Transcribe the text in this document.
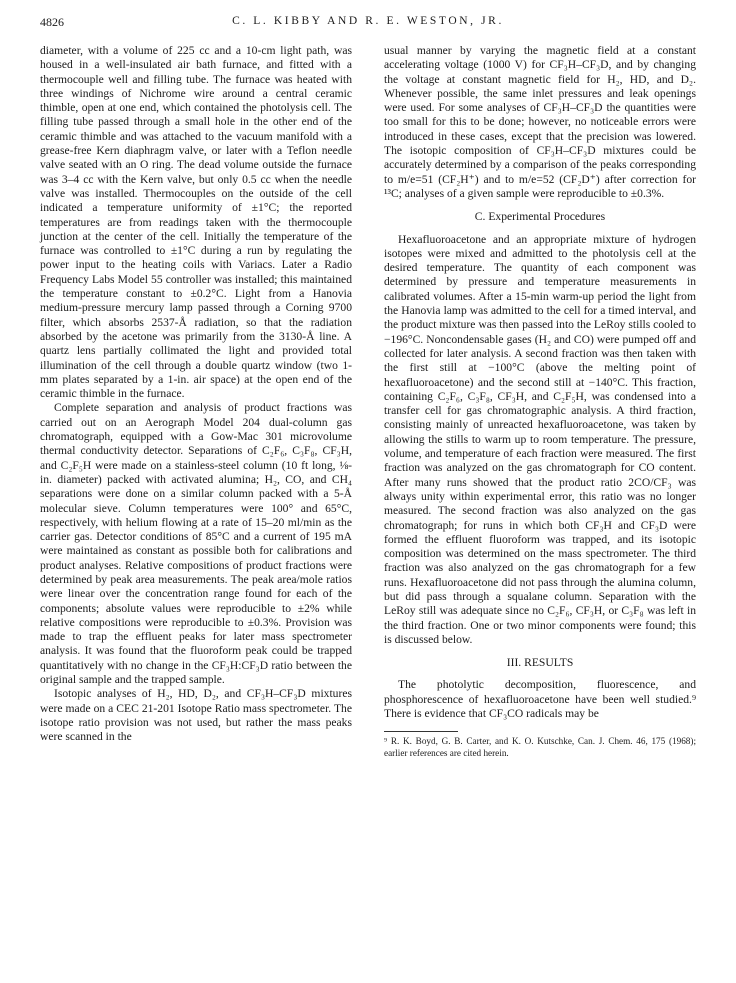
4826	C. L. KIBBY AND R. E. WESTON, JR.

diameter, with a volume of 225 cc and a 10-cm light path, was housed in a well-insulated air bath furnace, and fitted with a thermocouple well and filling tube. The furnace was heated with three windings of Nichrome wire around a central ceramic thimble, open at one end, which contained the photolysis cell. The filling tube passed through a small hole in the other end of the ceramic thimble and was attached to the vacuum manifold with a grease-free Kern diaphragm valve, or later with a Teflon needle valve seated with an O ring. The dead volume outside the furnace was 3–4 cc with the Kern valve, but only 0.5 cc when the needle valve was installed. Thermocouples on the outside of the cell indicated a temperature uniformity of ±1°C; the reported temperatures are from readings taken with the thermocouple junction at the center of the cell. Initially the temperature of the furnace was controlled to ±1°C during a run by regulating the power input to the heating coils with Variacs. Later a Radio Frequency Labs Model 55 controller was installed; this maintained the temperature constant to ±0.2°C. Light from a Hanovia medium-pressure mercury lamp passed through a Corning 9700 filter, which absorbs 2537-Å radiation, so that the radiation absorbed by the acetone was primarily from the 3130-Å line. A quartz lens partially collimated the light and provided total illumination of the cell through a double quartz window (two 1-mm plates separated by a 1-in. air space) at the open end of the ceramic thimble in the furnace.

Complete separation and analysis of product fractions was carried out on an Aerograph Model 204 dual-column gas chromatograph, equipped with a Gow-Mac 301 microvolume thermal conductivity detector. Separations of C₂F₆, C₃F₈, CF₃H, and C₂F₅H were made on a stainless-steel column (10 ft long, ⅛-in. diameter) packed with activated alumina; H₂, CO, and CH₄ separations were done on a similar column packed with a 5-Å molecular sieve. Column temperatures were 100° and 65°C, respectively, with helium flowing at a rate of 15–20 ml/min as the carrier gas. Detector conditions of 85°C and a current of 195 mA were maintained as constant as possible both for calibrations and product analyses. Relative compositions of product fractions were determined by peak area measurements. The peak area/mole ratios were linear over the concentration range found for each of the components; absolute values were reproducible to ±2% while relative compositions were reproducible to ±0.3%. Provision was made to trap the effluent peaks for later mass spectrometer analysis. It was found that the fluoroform peak could be trapped quantitatively with no change in the CF₃H:CF₃D ratio between the original sample and the trapped sample.

Isotopic analyses of H₂, HD, D₂, and CF₃H–CF₃D mixtures were made on a CEC 21-201 Isotope Ratio mass spectrometer. The isotope ratio provision was not used, but rather the mass peaks were scanned in the

usual manner by varying the magnetic field at a constant accelerating voltage (1000 V) for CF₃H–CF₃D, and by changing the voltage at constant magnetic field for H₂, HD, and D₂. Whenever possible, the same inlet pressures and leak openings were used. For some analyses of CF₃H–CF₃D the quantities were too small for this to be done; however, no noticeable errors were introduced in these cases, except that the precision was lowered. The isotopic composition of CF₃H–CF₃D mixtures could be accurately determined by a comparison of the peaks corresponding to m/e=51 (CF₂H⁺) and to m/e=52 (CF₂D⁺) after correction for ¹³C; analyses of a given sample were reproducible to ±0.3%.

C. Experimental Procedures

Hexafluoroacetone and an appropriate mixture of hydrogen isotopes were mixed and admitted to the photolysis cell at the desired temperature. The quantity of each component was determined by pressure and temperature measurements in calibrated volumes. After a 15-min warm-up period the light from the Hanovia lamp was admitted to the cell for a timed interval, and the product mixture was then passed into the LeRoy stills cooled to −196°C. Noncondensable gases (H₂ and CO) were pumped off and collected for later analysis. A second fraction was then taken with the first still at −100°C (above the melting point of hexafluoroacetone) and the second still at −140°C. This fraction, containing C₂F₆, C₃F₈, CF₃H, and C₂F₅H, was condensed into a transfer cell for gas chromatographic analysis. A third fraction, consisting mainly of unreacted hexafluoroacetone, was taken by allowing the stills to warm up to room temperature. The pressure, volume, and temperature of each fraction were measured. The first fraction was analyzed on the gas chromatograph for CO content. After many runs showed that the product ratio 2CO/CF₃ was always unity within experimental error, this ratio was no longer measured. The second fraction was also analyzed on the gas chromatograph; for runs in which both CF₃H and CF₃D were formed the effluent fluoroform was trapped, and its isotopic composition was determined on the mass spectrometer. The third fraction was also analyzed on the gas chromatograph for a few runs. Hexafluoroacetone did not pass through the alumina column, but did pass through a squalane column. Separation with the LeRoy still was adequate since no C₂F₆, CF₃H, or C₃F₈ was left in the third fraction. One or two minor components were found; this is discussed below.

III. RESULTS

The photolytic decomposition, fluorescence, and phosphorescence of hexafluoroacetone have been well studied.⁹ There is evidence that CF₃CO radicals may be

⁹ R. K. Boyd, G. B. Carter, and K. O. Kutschke, Can. J. Chem. 46, 175 (1968); earlier references are cited herein.
